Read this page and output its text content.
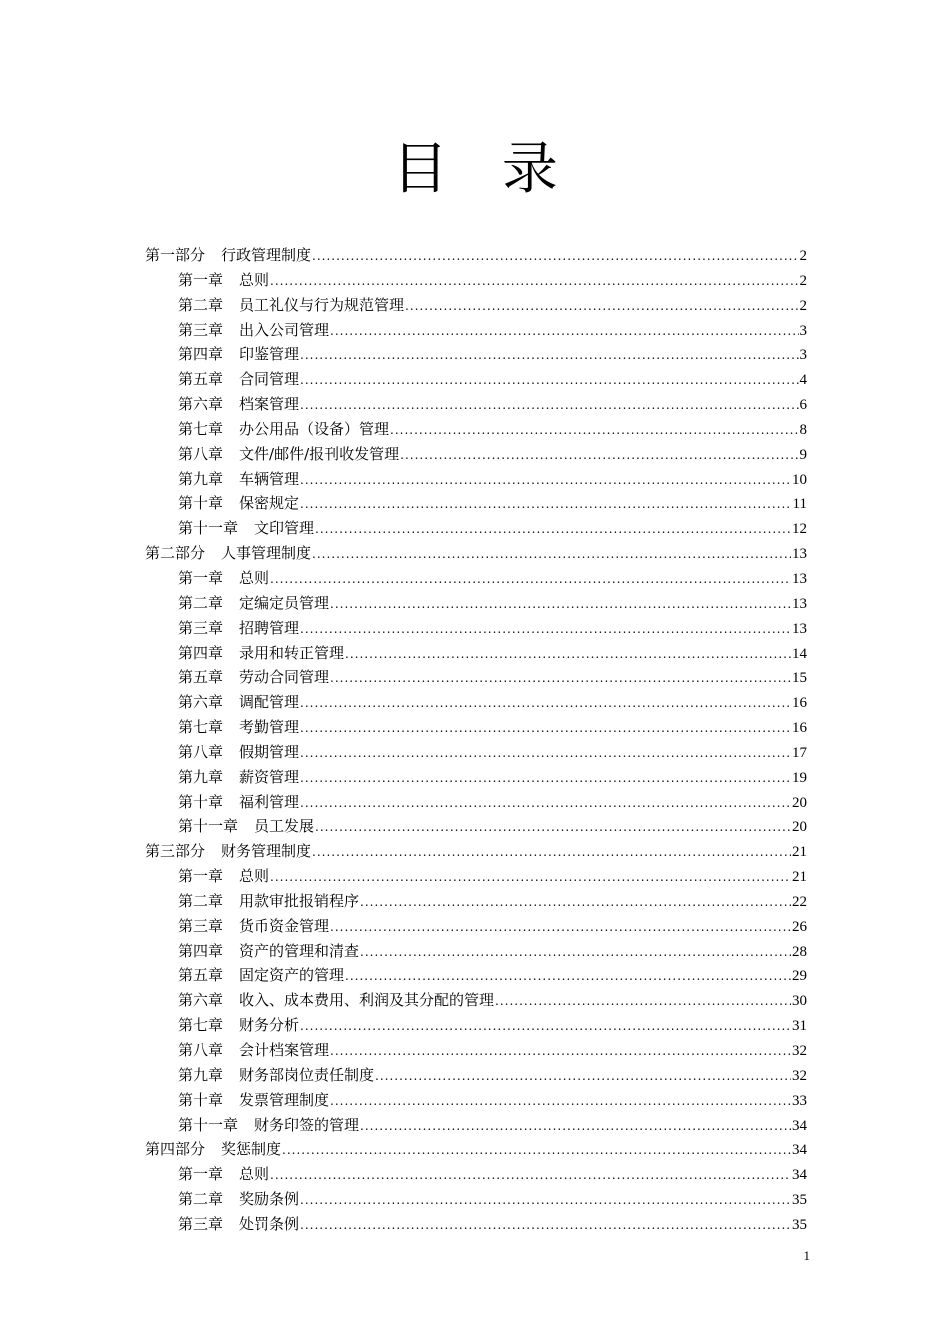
目 录
第一部分 行政管理制度 .....	2
第一章 总则 .....	2
第二章 员工礼仪与行为规范管理 .....	2
第三章 出入公司管理 .....	3
第四章 印鉴管理 .....	3
第五章 合同管理 .....	4
第六章 档案管理 .....	6
第七章 办公用品（设备）管理 .....	8
第八章 文件/邮件/报刊收发管理 .....	9
第九章 车辆管理 .....	10
第十章 保密规定 .....	11
第十一章 文印管理 .....	12
第二部分 人事管理制度 .....	13
第一章 总则 .....	13
第二章 定编定员管理 .....	13
第三章 招聘管理 .....	13
第四章 录用和转正管理 .....	14
第五章 劳动合同管理 .....	15
第六章 调配管理 .....	16
第七章 考勤管理 .....	16
第八章 假期管理 .....	17
第九章 薪资管理 .....	19
第十章 福利管理 .....	20
第十一章 员工发展 .....	20
第三部分 财务管理制度 .....	21
第一章 总则 .....	21
第二章 用款审批报销程序 .....	22
第三章 货币资金管理 .....	26
第四章 资产的管理和清查 .....	28
第五章 固定资产的管理 .....	29
第六章 收入、成本费用、利润及其分配的管理 .....	30
第七章 财务分析 .....	31
第八章 会计档案管理 .....	32
第九章 财务部岗位责任制度 .....	32
第十章 发票管理制度 .....	33
第十一章 财务印签的管理 .....	34
第四部分 奖惩制度 .....	34
第一章 总则 .....	34
第二章 奖励条例 .....	35
第三章 处罚条例 .....	35
1
